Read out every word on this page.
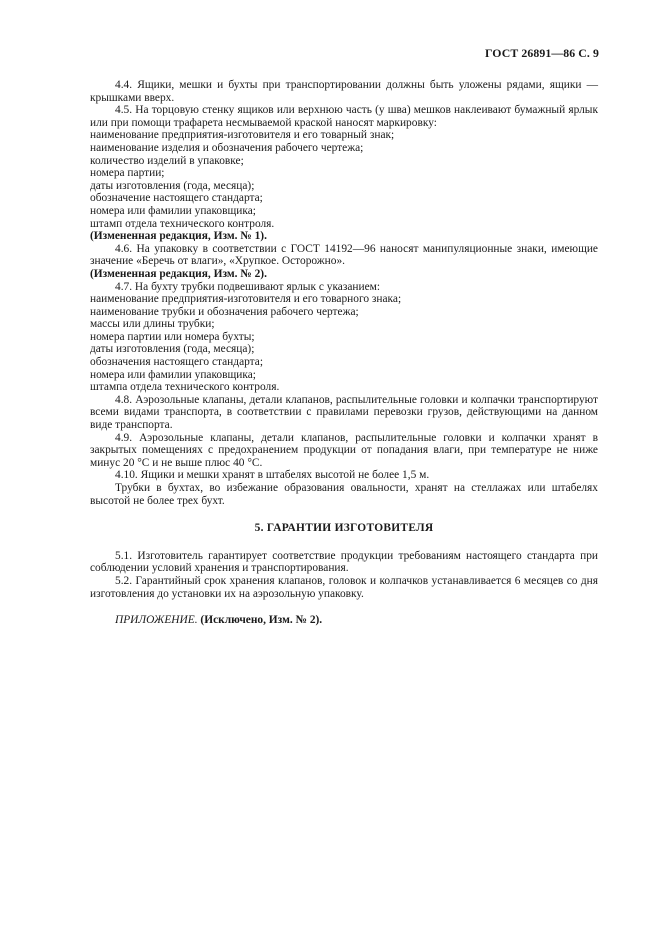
ГОСТ 26891—86 С. 9

4.4. Ящики, мешки и бухты при транспортировании должны быть уложены рядами, ящики — крышками вверх.

4.5. На торцовую стенку ящиков или верхнюю часть (у шва) мешков наклеивают бумажный ярлык или при помощи трафарета несмываемой краской наносят маркировку:

наименование предприятия-изготовителя и его товарный знак;

наименование изделия и обозначения рабочего чертежа;

количество изделий в упаковке;

номера партии;

даты изготовления (года, месяца);

обозначение настоящего стандарта;

номера или фамилии упаковщика;

штамп отдела технического контроля.

(Измененная редакция, Изм. № 1).

4.6. На упаковку в соответствии с ГОСТ 14192—96 наносят манипуляционные знаки, имеющие значение «Беречь от влаги», «Хрупкое. Осторожно».

(Измененная редакция, Изм. № 2).

4.7. На бухту трубки подвешивают ярлык с указанием:

наименование предприятия-изготовителя и его товарного знака;

наименование трубки и обозначения рабочего чертежа;

массы или длины трубки;

номера партии или номера бухты;

даты изготовления (года, месяца);

обозначения настоящего стандарта;

номера или фамилии упаковщика;

штампа отдела технического контроля.

4.8. Аэрозольные клапаны, детали клапанов, распылительные головки и колпачки транспортируют всеми видами транспорта, в соответствии с правилами перевозки грузов, действующими на данном виде транспорта.

4.9. Аэрозольные клапаны, детали клапанов, распылительные головки и колпачки хранят в закрытых помещениях с предохранением продукции от попадания влаги, при температуре не ниже минус 20 °С и не выше плюс 40 °С.

4.10. Ящики и мешки хранят в штабелях высотой не более 1,5 м.

Трубки в бухтах, во избежание образования овальности, хранят на стеллажах или штабелях высотой не более трех бухт.

5. ГАРАНТИИ ИЗГОТОВИТЕЛЯ

5.1. Изготовитель гарантирует соответствие продукции требованиям настоящего стандарта при соблюдении условий хранения и транспортирования.

5.2. Гарантийный срок хранения клапанов, головок и колпачков устанавливается 6 месяцев со дня изготовления до установки их на аэрозольную упаковку.

ПРИЛОЖЕНИЕ. (Исключено, Изм. № 2).
